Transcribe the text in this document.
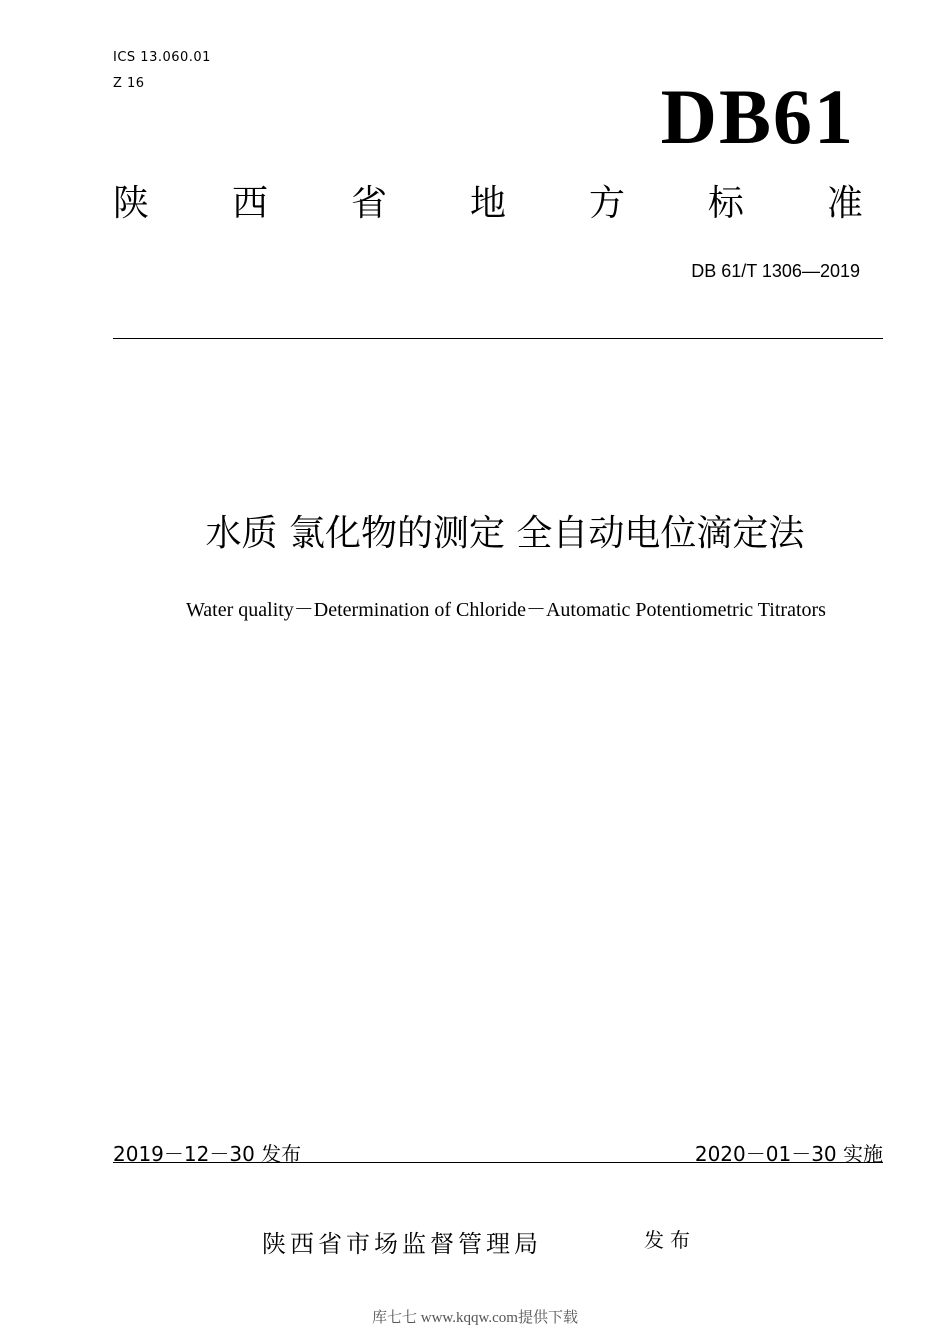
ICS 13.060.01
Z 16	DB61
陕 西 省 地 方 标 准
DB 61/T 1306—2019
水质 氯化物的测定 全自动电位滴定法
Water quality－Determination of Chloride－Automatic Potentiometric Titrators
2019－12－30 发布	2020－01－30 实施
陕西省市场监督管理局	发布
库七七 www.kqqw.com提供下载
